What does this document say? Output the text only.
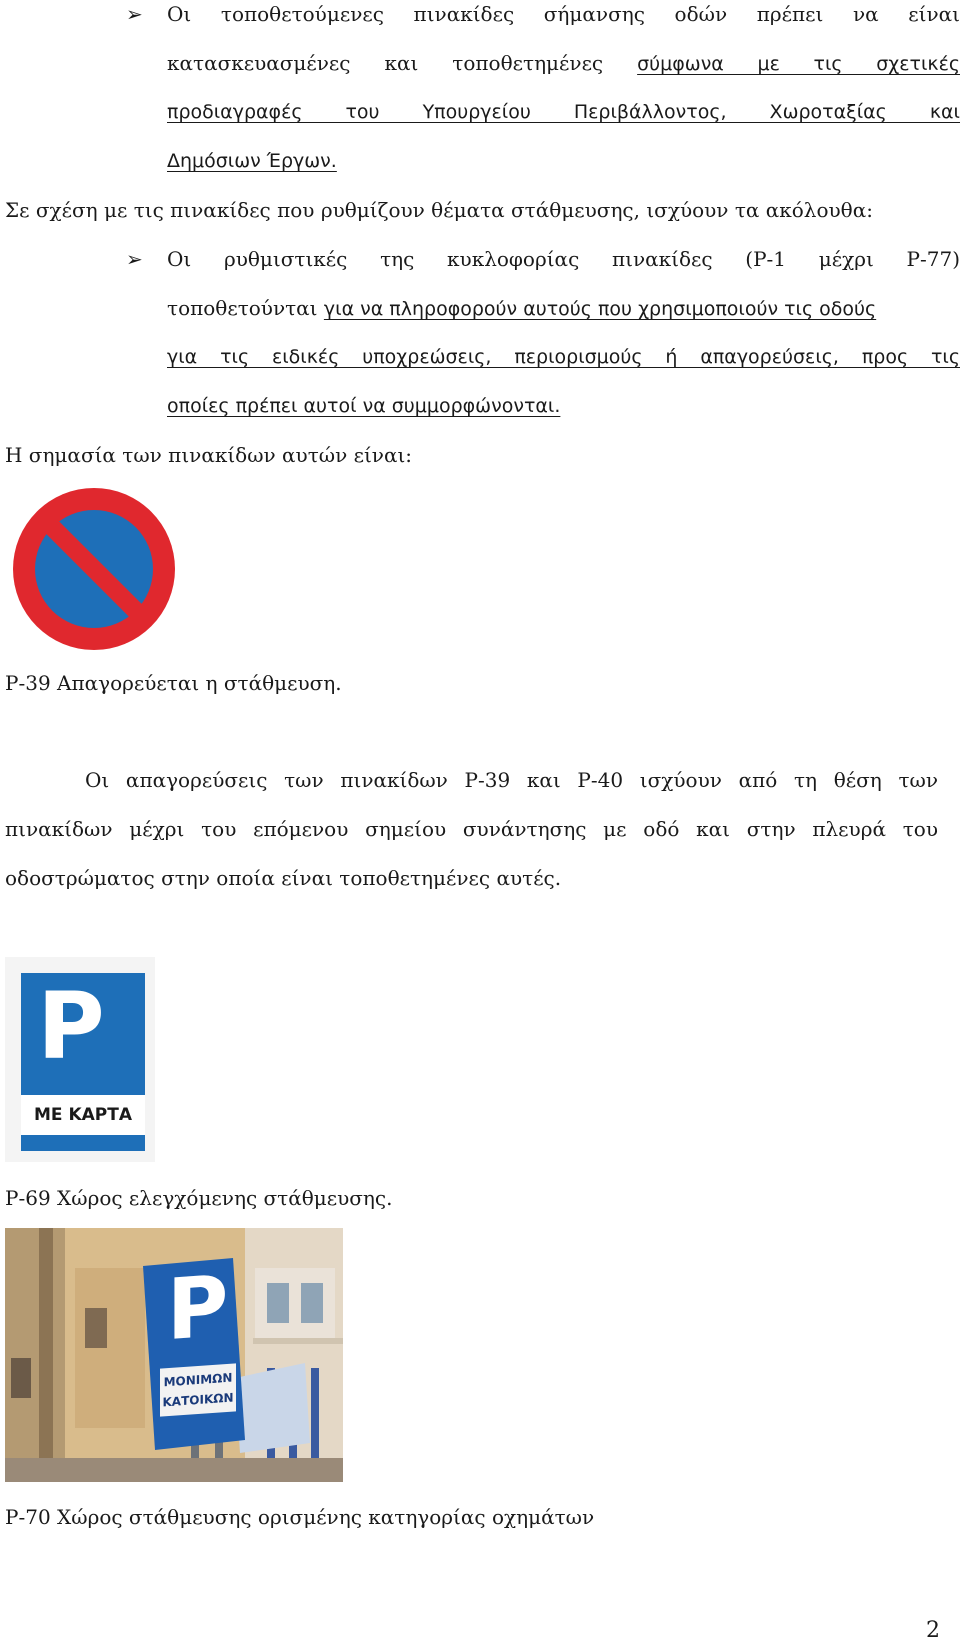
➢ Οι τοποθετούμενες πινακίδες σήμανσης οδών πρέπει να είναι
κατασκευασμένες και τοποθετημένες σύμφωνα με τις σχετικές
προδιαγραφές του Υπουργείου Περιβάλλοντος, Χωροταξίας και
Δημόσιων Έργων.
Σε σχέση με τις πινακίδες που ρυθμίζουν θέματα στάθμευσης, ισχύουν τα ακόλουθα:
➢ Οι ρυθμιστικές της κυκλοφορίας πινακίδες (Ρ-1 μέχρι Ρ-77)
τοποθετούνται για να πληροφορούν αυτούς που χρησιμοποιούν τις οδούς
για τις ειδικές υποχρεώσεις, περιορισμούς ή απαγορεύσεις, προς τις
οποίες πρέπει αυτοί να συμμορφώνονται.
Η σημασία των πινακίδων αυτών είναι:
Ρ-39 Απαγορεύεται η στάθμευση.
Οι απαγορεύσεις των πινακίδων Ρ-39 και Ρ-40 ισχύουν από τη θέση των
πινακίδων μέχρι του επόμενου σημείου συνάντησης με οδό και στην πλευρά του
οδοστρώματος στην οποία είναι τοποθετημένες αυτές.
P
ΜΕ ΚΑΡΤΑ
Ρ-69 Χώρος ελεγχόμενης στάθμευσης.
P
ΜΟΝΙΜΩΝ
ΚΑΤΟΙΚΩΝ
Ρ-70 Χώρος στάθμευσης ορισμένης κατηγορίας οχημάτων
2
